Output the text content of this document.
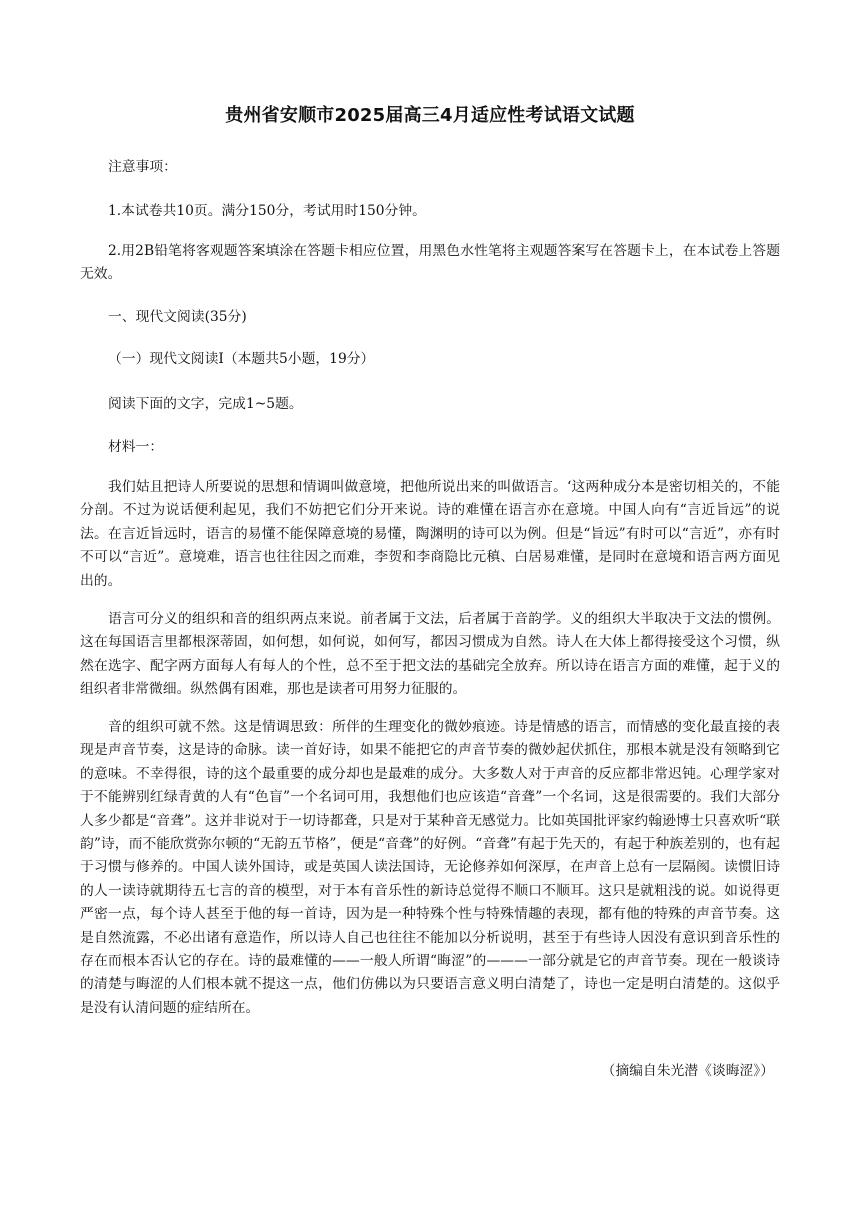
贵州省安顺市2025届高三4月适应性考试语文试题
注意事项：
1.本试卷共10页。满分150分，考试用时150分钟。
2.用2B铅笔将客观题答案填涂在答题卡相应位置，用黑色水性笔将主观题答案写在答题卡上，在本试卷上答题无效。
一、现代文阅读(35分)
（一）现代文阅读Ⅰ（本题共5小题，19分）
阅读下面的文字，完成1~5题。
材料一：
我们姑且把诗人所要说的思想和情调叫做意境，把他所说出来的叫做语言。‘这两种成分本是密切相关的，不能分剖。不过为说话便利起见，我们不妨把它们分开来说。诗的难懂在语言亦在意境。中国人向有“言近旨远”的说法。在言近旨远时，语言的易懂不能保障意境的易懂，陶渊明的诗可以为例。但是“旨远”有时可以“言近”，亦有时不可以“言近”。意境难，语言也往往因之而难，李贺和李商隐比元稹、白居易难懂，是同时在意境和语言两方面见出的。
语言可分义的组织和音的组织两点来说。前者属于文法，后者属于音韵学。义的组织大半取决于文法的惯例。这在每国语言里都根深蒂固，如何想，如何说，如何写，都因习惯成为自然。诗人在大体上都得接受这个习惯，纵然在选字、配字两方面每人有每人的个性，总不至于把文法的基础完全放弃。所以诗在语言方面的难懂，起于义的组织者非常微细。纵然偶有困难，那也是读者可用努力征服的。
音的组织可就不然。这是情调思致：所伴的生理变化的微妙痕迹。诗是情感的语言，而情感的变化最直接的表现是声音节奏，这是诗的命脉。读一首好诗，如果不能把它的声音节奏的微妙起伏抓住，那根本就是没有领略到它的意味。不幸得很，诗的这个最重要的成分却也是最难的成分。大多数人对于声音的反应都非常迟钝。心理学家对于不能辨别红绿青黄的人有“色盲”一个名词可用，我想他们也应该造“音聋”一个名词，这是很需要的。我们大部分人多少都是“音聋”。这并非说对于一切诗都聋，只是对于某种音无感觉力。比如英国批评家约翰逊博士只喜欢听“联韵”诗，而不能欣赏弥尔顿的“无韵五节格”，便是“音聋”的好例。“音聋”有起于先天的，有起于种族差别的，也有起于习惯与修养的。中国人读外国诗，或是英国人读法国诗，无论修养如何深厚，在声音上总有一层隔阂。读惯旧诗的人一读诗就期待五七言的音的模型，对于本有音乐性的新诗总觉得不顺口不顺耳。这只是就粗浅的说。如说得更严密一点，每个诗人甚至于他的每一首诗，因为是一种特殊个性与特殊情趣的表现，都有他的特殊的声音节奏。这是自然流露，不必出诸有意造作，所以诗人自己也往往不能加以分析说明，甚至于有些诗人因没有意识到音乐性的存在而根本否认它的存在。诗的最难懂的——一般人所谓“晦涩”的———一部分就是它的声音节奏。现在一般谈诗的清楚与晦涩的人们根本就不提这一点，他们仿佛以为只要语言意义明白清楚了，诗也一定是明白清楚的。这似乎是没有认清问题的症结所在。
（摘编自朱光潜《谈晦涩》）
